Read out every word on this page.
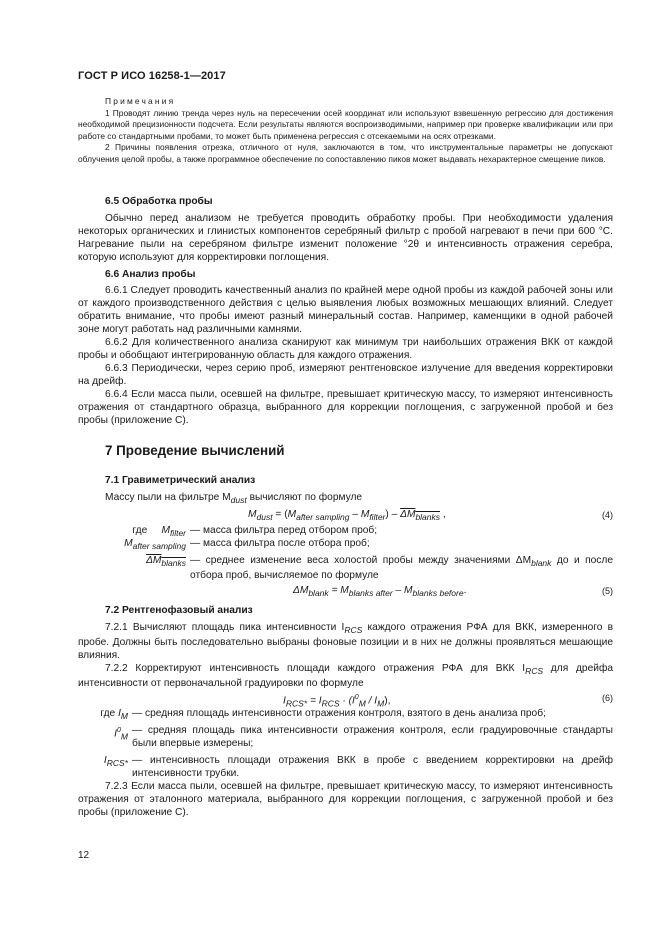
ГОСТ Р ИСО 16258-1—2017
Примечания

1 Проводят линию тренда через нуль на пересечении осей координат или используют взвешенную регрессию для достижения необходимой прецизионности подсчета. Если результаты являются воспроизводимыми, например при проверке квалификации или при работе со стандартными пробами, то может быть применена регрессия с отсекаемыми на осях отрезками.

2 Причины появления отрезка, отличного от нуля, заключаются в том, что инструментальные параметры не допускают облучения целой пробы, а также программное обеспечение по сопоставлению пиков может выдавать нехарактерное смещение пиков.

6.5 Обработка пробы

Обычно перед анализом не требуется проводить обработку пробы. При необходимости удаления некоторых органических и глинистых компонентов серебряный фильтр с пробой нагревают в печи при 600 °С. Нагревание пыли на серебряном фильтре изменит положение °2θ и интенсивность отражения серебра, которую используют для корректировки поглощения.

6.6 Анализ пробы

6.6.1 Следует проводить качественный анализ по крайней мере одной пробы из каждой рабочей зоны или от каждого производственного действия с целью выявления любых возможных мешающих влияний. Следует обратить внимание, что пробы имеют разный минеральный состав. Например, каменщики в одной рабочей зоне могут работать над различными камнями.

6.6.2 Для количественного анализа сканируют как минимум три наибольших отражения ВКК от каждой пробы и обобщают интегрированную область для каждого отражения.

6.6.3 Периодически, через серию проб, измеряют рентгеновское излучение для введения корректировки на дрейф.

6.6.4 Если масса пыли, осевшей на фильтре, превышает критическую массу, то измеряют интенсивность отражения от стандартного образца, выбранного для коррекции поглощения, с загруженной пробой и без пробы (приложение С).

7 Проведение вычислений
7.1 Гравиметрический анализ

Массу пыли на фильтре $M_{dust}$ вычисляют по формуле

$M_{dust} = (M_{after sampling} - M_{filter}) - \Delta M_{blanks}$ ,	(4)
где $M_{filter}$ — масса фильтра перед отбором проб;
$M_{after sampling}$ — масса фильтра после отбора проб;
$\Delta M_{blanks}$ — среднее изменение веса холостой пробы между значениями $\Delta M_{blank}$ до и после отбора проб, вычисляемое по формуле
$\Delta M_{blank} = M_{blanks after} - M_{blanks before}$.	(5)
7.2 Рентгенофазовый анализ

7.2.1 Вычисляют площадь пика интенсивности $I_{RCS}$ каждого отражения РФА для ВКК, измеренного в пробе. Должны быть последовательно выбраны фоновые позиции и в них не должны проявляться мешающие влияния.

7.2.2 Корректируют интенсивность площади каждого отражения РФА для ВКК $I_{RCS}$ для дрейфа интенсивности от первоначальной градуировки по формуле

$I_{RCS*} = I_{RCS} \cdot (I^0_M / I_M)$,	(6)
где $I_M$ — средняя площадь интенсивности отражения контроля, взятого в день анализа проб;
$I^0_M$
— средняя площадь пика интенсивности отражения контроля, если градуировочные стандарты были впервые измерены;
$I_{RCS*}$ — интенсивность площади отражения ВКК в пробе с введением корректировки на дрейф интенсивности трубки.

7.2.3 Если масса пыли, осевшей на фильтре, превышает критическую массу, то измеряют интенсивность отражения от эталонного материала, выбранного для коррекции поглощения, с загруженной пробой и без пробы (приложение С).

12
